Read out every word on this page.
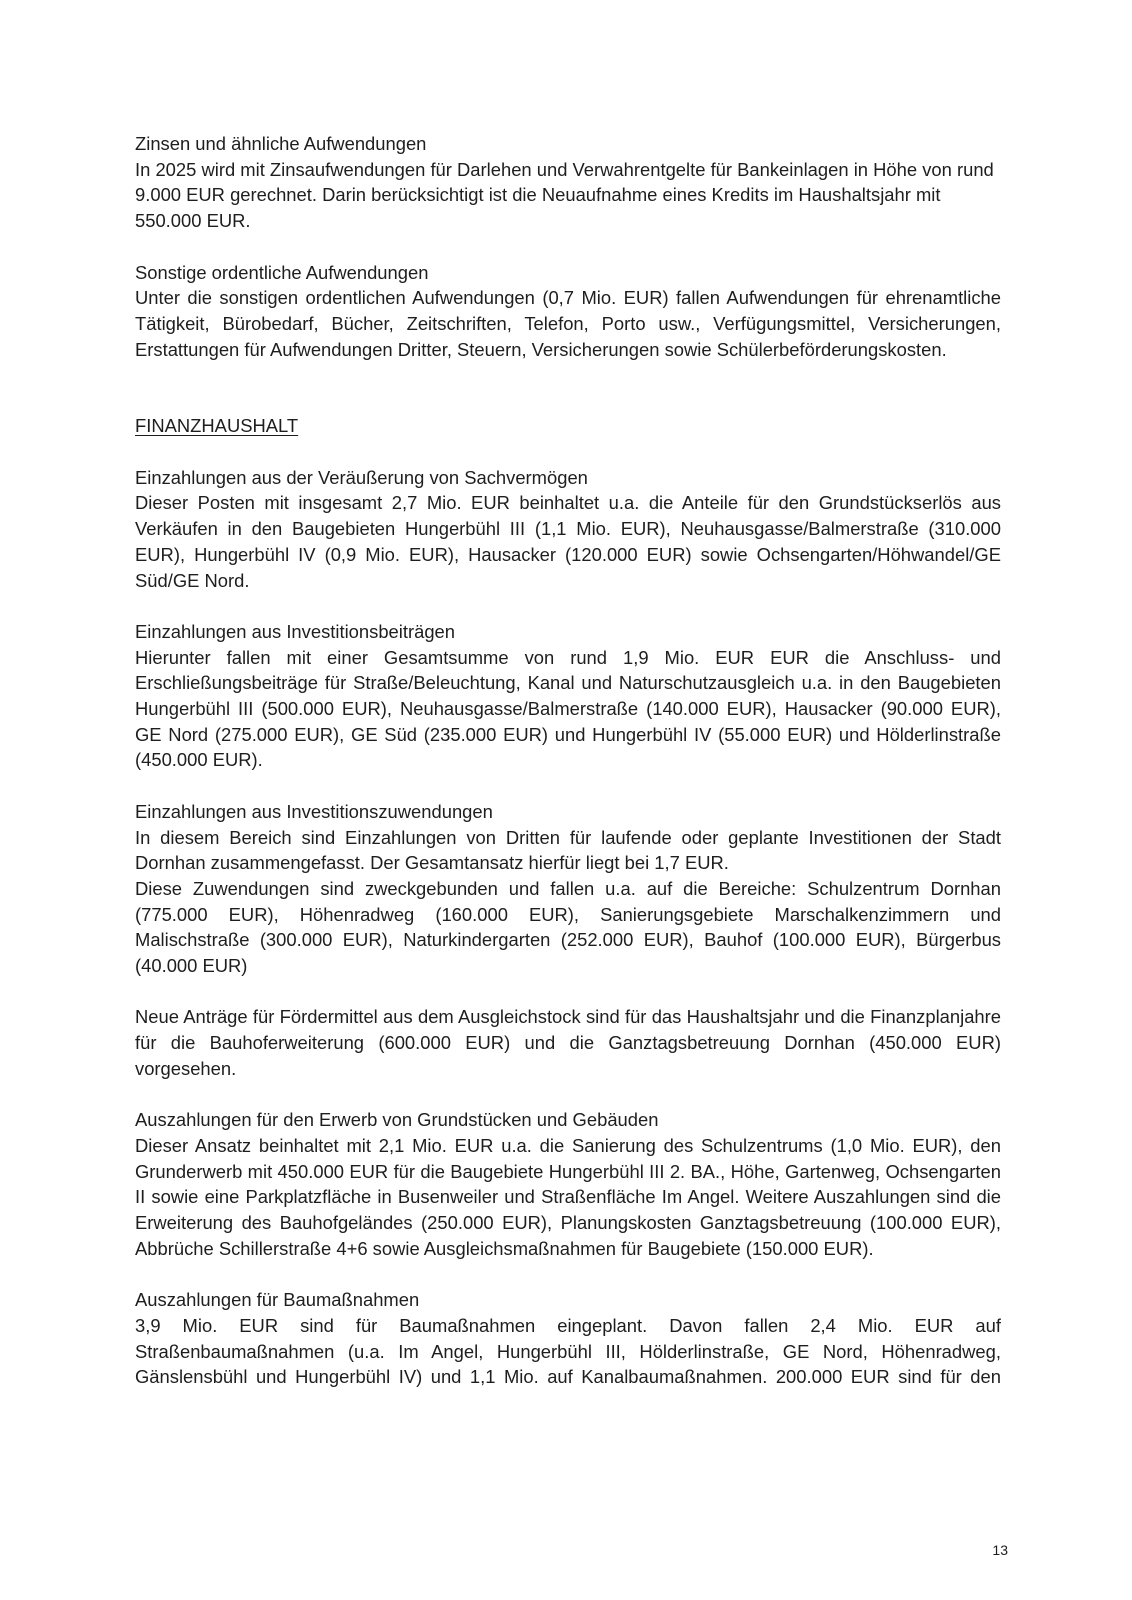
Zinsen und ähnliche Aufwendungen

In 2025 wird mit Zinsaufwendungen für Darlehen und Verwahrentgelte für Bankeinlagen in Höhe von rund 9.000 EUR gerechnet. Darin berücksichtigt ist die Neuaufnahme eines Kredits im Haushaltsjahr mit 550.000 EUR.

Sonstige ordentliche Aufwendungen

Unter die sonstigen ordentlichen Aufwendungen (0,7 Mio. EUR) fallen Aufwendungen für ehrenamtliche Tätigkeit, Bürobedarf, Bücher, Zeitschriften, Telefon, Porto usw., Verfügungsmittel, Versicherungen, Erstattungen für Aufwendungen Dritter, Steuern, Versicherungen sowie Schülerbeförderungskosten.

FINANZHAUSHALT

Einzahlungen aus der Veräußerung von Sachvermögen

Dieser Posten mit insgesamt 2,7 Mio. EUR beinhaltet u.a. die Anteile für den Grundstückserlös aus Verkäufen in den Baugebieten Hungerbühl III (1,1 Mio. EUR), Neuhausgasse/Balmerstraße (310.000 EUR), Hungerbühl IV (0,9 Mio. EUR), Hausacker (120.000 EUR) sowie Ochsengarten/Höhwandel/GE Süd/GE Nord.

Einzahlungen aus Investitionsbeiträgen

Hierunter fallen mit einer Gesamtsumme von rund 1,9 Mio. EUR EUR die Anschluss- und Erschließungsbeiträge für Straße/Beleuchtung, Kanal und Naturschutzausgleich u.a. in den Baugebieten Hungerbühl III (500.000 EUR), Neuhausgasse/Balmerstraße (140.000 EUR), Hausacker (90.000 EUR), GE Nord (275.000 EUR), GE Süd (235.000 EUR) und Hungerbühl IV (55.000 EUR) und Hölderlinstraße (450.000 EUR).

Einzahlungen aus Investitionszuwendungen

In diesem Bereich sind Einzahlungen von Dritten für laufende oder geplante Investitionen der Stadt Dornhan zusammengefasst. Der Gesamtansatz hierfür liegt bei 1,7 EUR.

Diese Zuwendungen sind zweckgebunden und fallen u.a. auf die Bereiche: Schulzentrum Dornhan (775.000 EUR), Höhenradweg (160.000 EUR), Sanierungsgebiete Marschalkenzimmern und Malischstraße (300.000 EUR), Naturkindergarten (252.000 EUR), Bauhof (100.000 EUR), Bürgerbus (40.000 EUR)

Neue Anträge für Fördermittel aus dem Ausgleichstock sind für das Haushaltsjahr und die Finanzplanjahre für die Bauhoferweiterung (600.000 EUR) und die Ganztagsbetreuung Dornhan (450.000 EUR) vorgesehen.

Auszahlungen für den Erwerb von Grundstücken und Gebäuden

Dieser Ansatz beinhaltet mit 2,1 Mio. EUR u.a. die Sanierung des Schulzentrums (1,0 Mio. EUR), den Grunderwerb mit 450.000 EUR für die Baugebiete Hungerbühl III 2. BA., Höhe, Gartenweg, Ochsengarten II sowie eine Parkplatzfläche in Busenweiler und Straßenfläche Im Angel. Weitere Auszahlungen sind die Erweiterung des Bauhofgeländes (250.000 EUR), Planungskosten Ganztagsbetreuung (100.000 EUR), Abbrüche Schillerstraße 4+6 sowie Ausgleichsmaßnahmen für Baugebiete (150.000 EUR).

Auszahlungen für Baumaßnahmen

3,9 Mio. EUR sind für Baumaßnahmen eingeplant. Davon fallen 2,4 Mio. EUR auf Straßenbaumaßnahmen (u.a. Im Angel, Hungerbühl III, Hölderlinstraße, GE Nord, Höhenradweg, Gänslensbühl und Hungerbühl IV) und 1,1 Mio. auf Kanalbaumaßnahmen. 200.000 EUR sind für den

13
